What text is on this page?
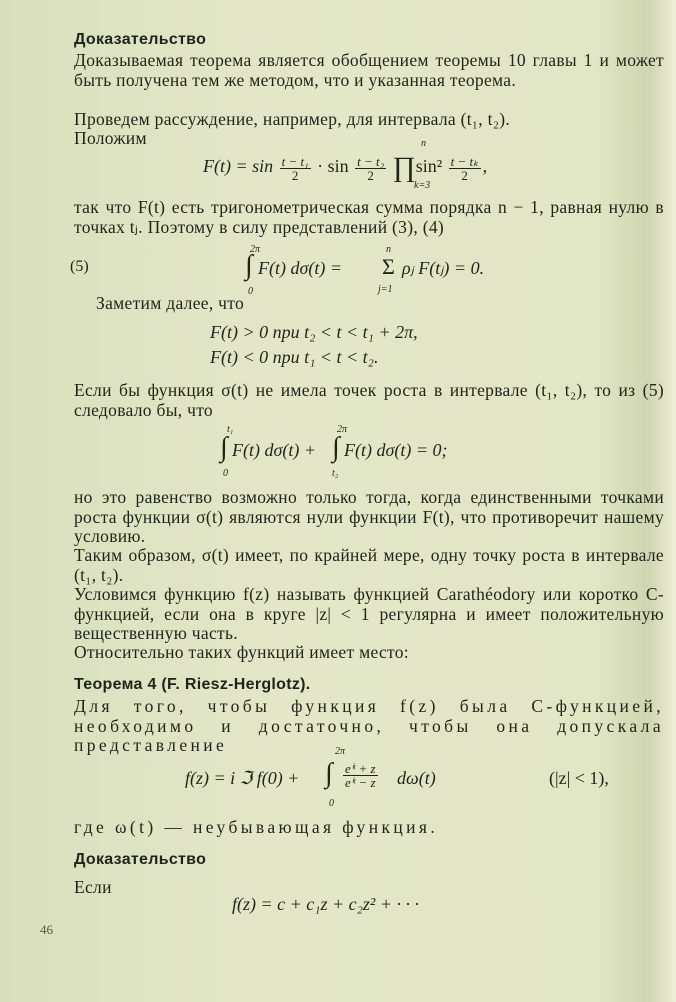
Доказательство
Доказываемая теорема является обобщением теоремы 10 главы 1 и может быть получена тем же методом, что и указанная теорема.
Проведем рассуждение, например, для интервала (t₁, t₂).
Положим
$F(t) = \sin \frac{\text{t − t₁}}{2} \cdot \sin \frac{\text{t − t₂}}{2}$ ∏sin² $\frac{\text{t − tₖ}}{2}$ ,
n
k=3
так что F(t) есть тригонометрическая сумма порядка n − 1, равная нулю в точках tⱼ. Поэтому в силу представлений (3), (4)
(5)	∫
2π
0
F(t) dσ(t) = Σ
n
j=1
ρⱼ F(tⱼ) = 0.
Заметим далее, что
F(t) > 0 при t₂ < t < t₁ + 2π,
F(t) < 0 при t₁ < t < t₂.
Если бы функция σ(t) не имела точек роста в интервале (t₁, t₂), то из (5) следовало бы, что
∫
t₁
0
F(t) dσ(t) + ∫
2π
t₂
F(t) dσ(t) = 0;
но это равенство возможно только тогда, когда единственными точками роста функции σ(t) являются нули функции F(t), что противоречит нашему условию.
Таким образом, σ(t) имеет, по крайней мере, одну точку роста в интервале (t₁, t₂).
Условимся функцию f(z) называть функцией Carathéodory или коротко C-функцией, если она в круге |z| < 1 регулярна и имеет положительную вещественную часть.
Относительно таких функций имеет место:
Теорема 4 (F. Riesz-Herglotz).
Для того, чтобы функция f(z) была C-функцией, необходимо и достаточно, чтобы она допускала представление
f(z) = i ℑ f(0) + ∫
2π
0
eⁱᵗ + z
eⁱᵗ − z dω(t)	(|z| < 1),
где ω(t) — неубывающая функция.
Доказательство
Если
f(z) = c + c₁z + c₂z² + · · ·
46
